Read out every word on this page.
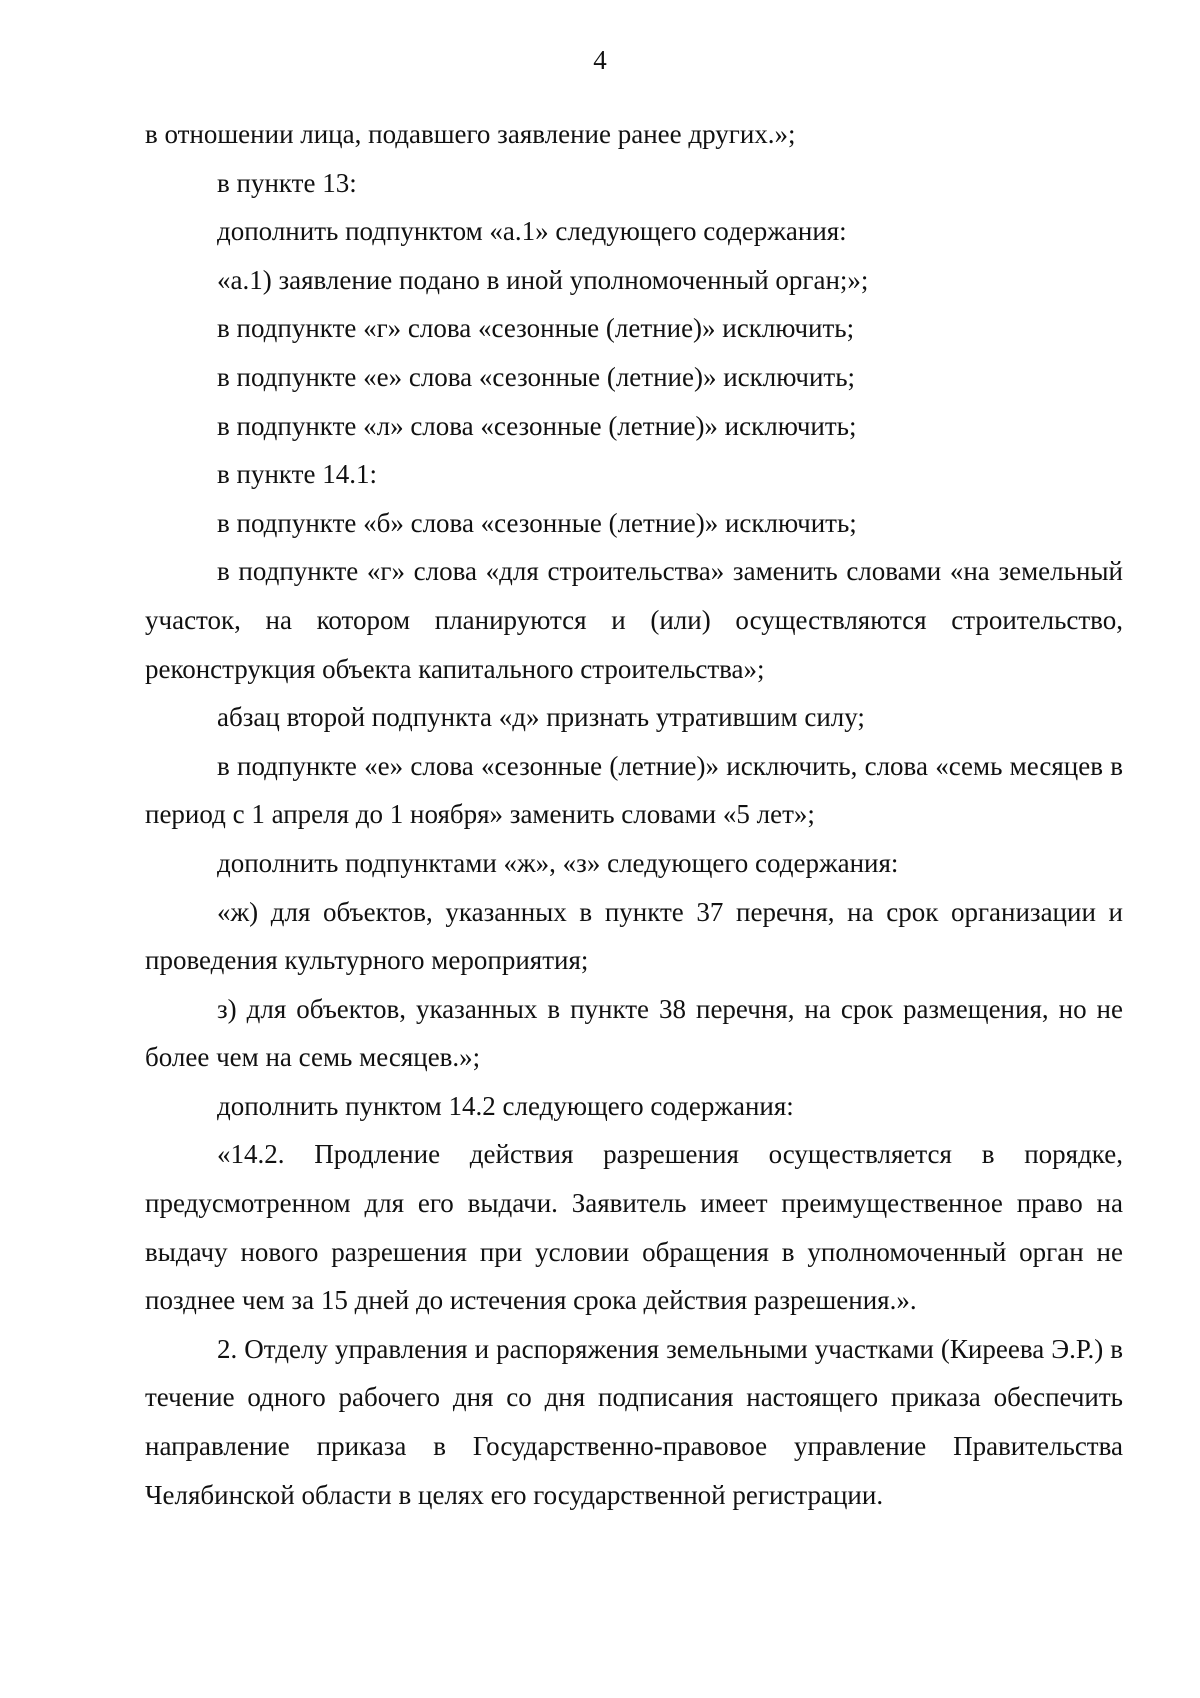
4

в отношении лица, подавшего заявление ранее других.»;

в пункте 13:

дополнить подпунктом «а.1» следующего содержания:

«а.1) заявление подано в иной уполномоченный орган;»;

в подпункте «г» слова «сезонные (летние)» исключить;

в подпункте «е» слова «сезонные (летние)» исключить;

в подпункте «л» слова «сезонные (летние)» исключить;

в пункте 14.1:

в подпункте «б» слова «сезонные (летние)» исключить;

в подпункте «г» слова «для строительства» заменить словами «на земельный участок, на котором планируются и (или) осуществляются строительство, реконструкция объекта капитального строительства»;

абзац второй подпункта «д» признать утратившим силу;

в подпункте «е» слова «сезонные (летние)» исключить, слова «семь месяцев в период с 1 апреля до 1 ноября» заменить словами «5 лет»;

дополнить подпунктами «ж», «з» следующего содержания:

«ж) для объектов, указанных в пункте 37 перечня, на срок организации и проведения культурного мероприятия;

з) для объектов, указанных в пункте 38 перечня, на срок размещения, но не более чем на семь месяцев.»;

дополнить пунктом 14.2 следующего содержания:

«14.2. Продление действия разрешения осуществляется в порядке, предусмотренном для его выдачи. Заявитель имеет преимущественное право на выдачу нового разрешения при условии обращения в уполномоченный орган не позднее чем за 15 дней до истечения срока действия разрешения.».

2. Отделу управления и распоряжения земельными участками (Киреева Э.Р.) в течение одного рабочего дня со дня подписания настоящего приказа обеспечить направление приказа в Государственно-правовое управление Правительства Челябинской области в целях его государственной регистрации.
